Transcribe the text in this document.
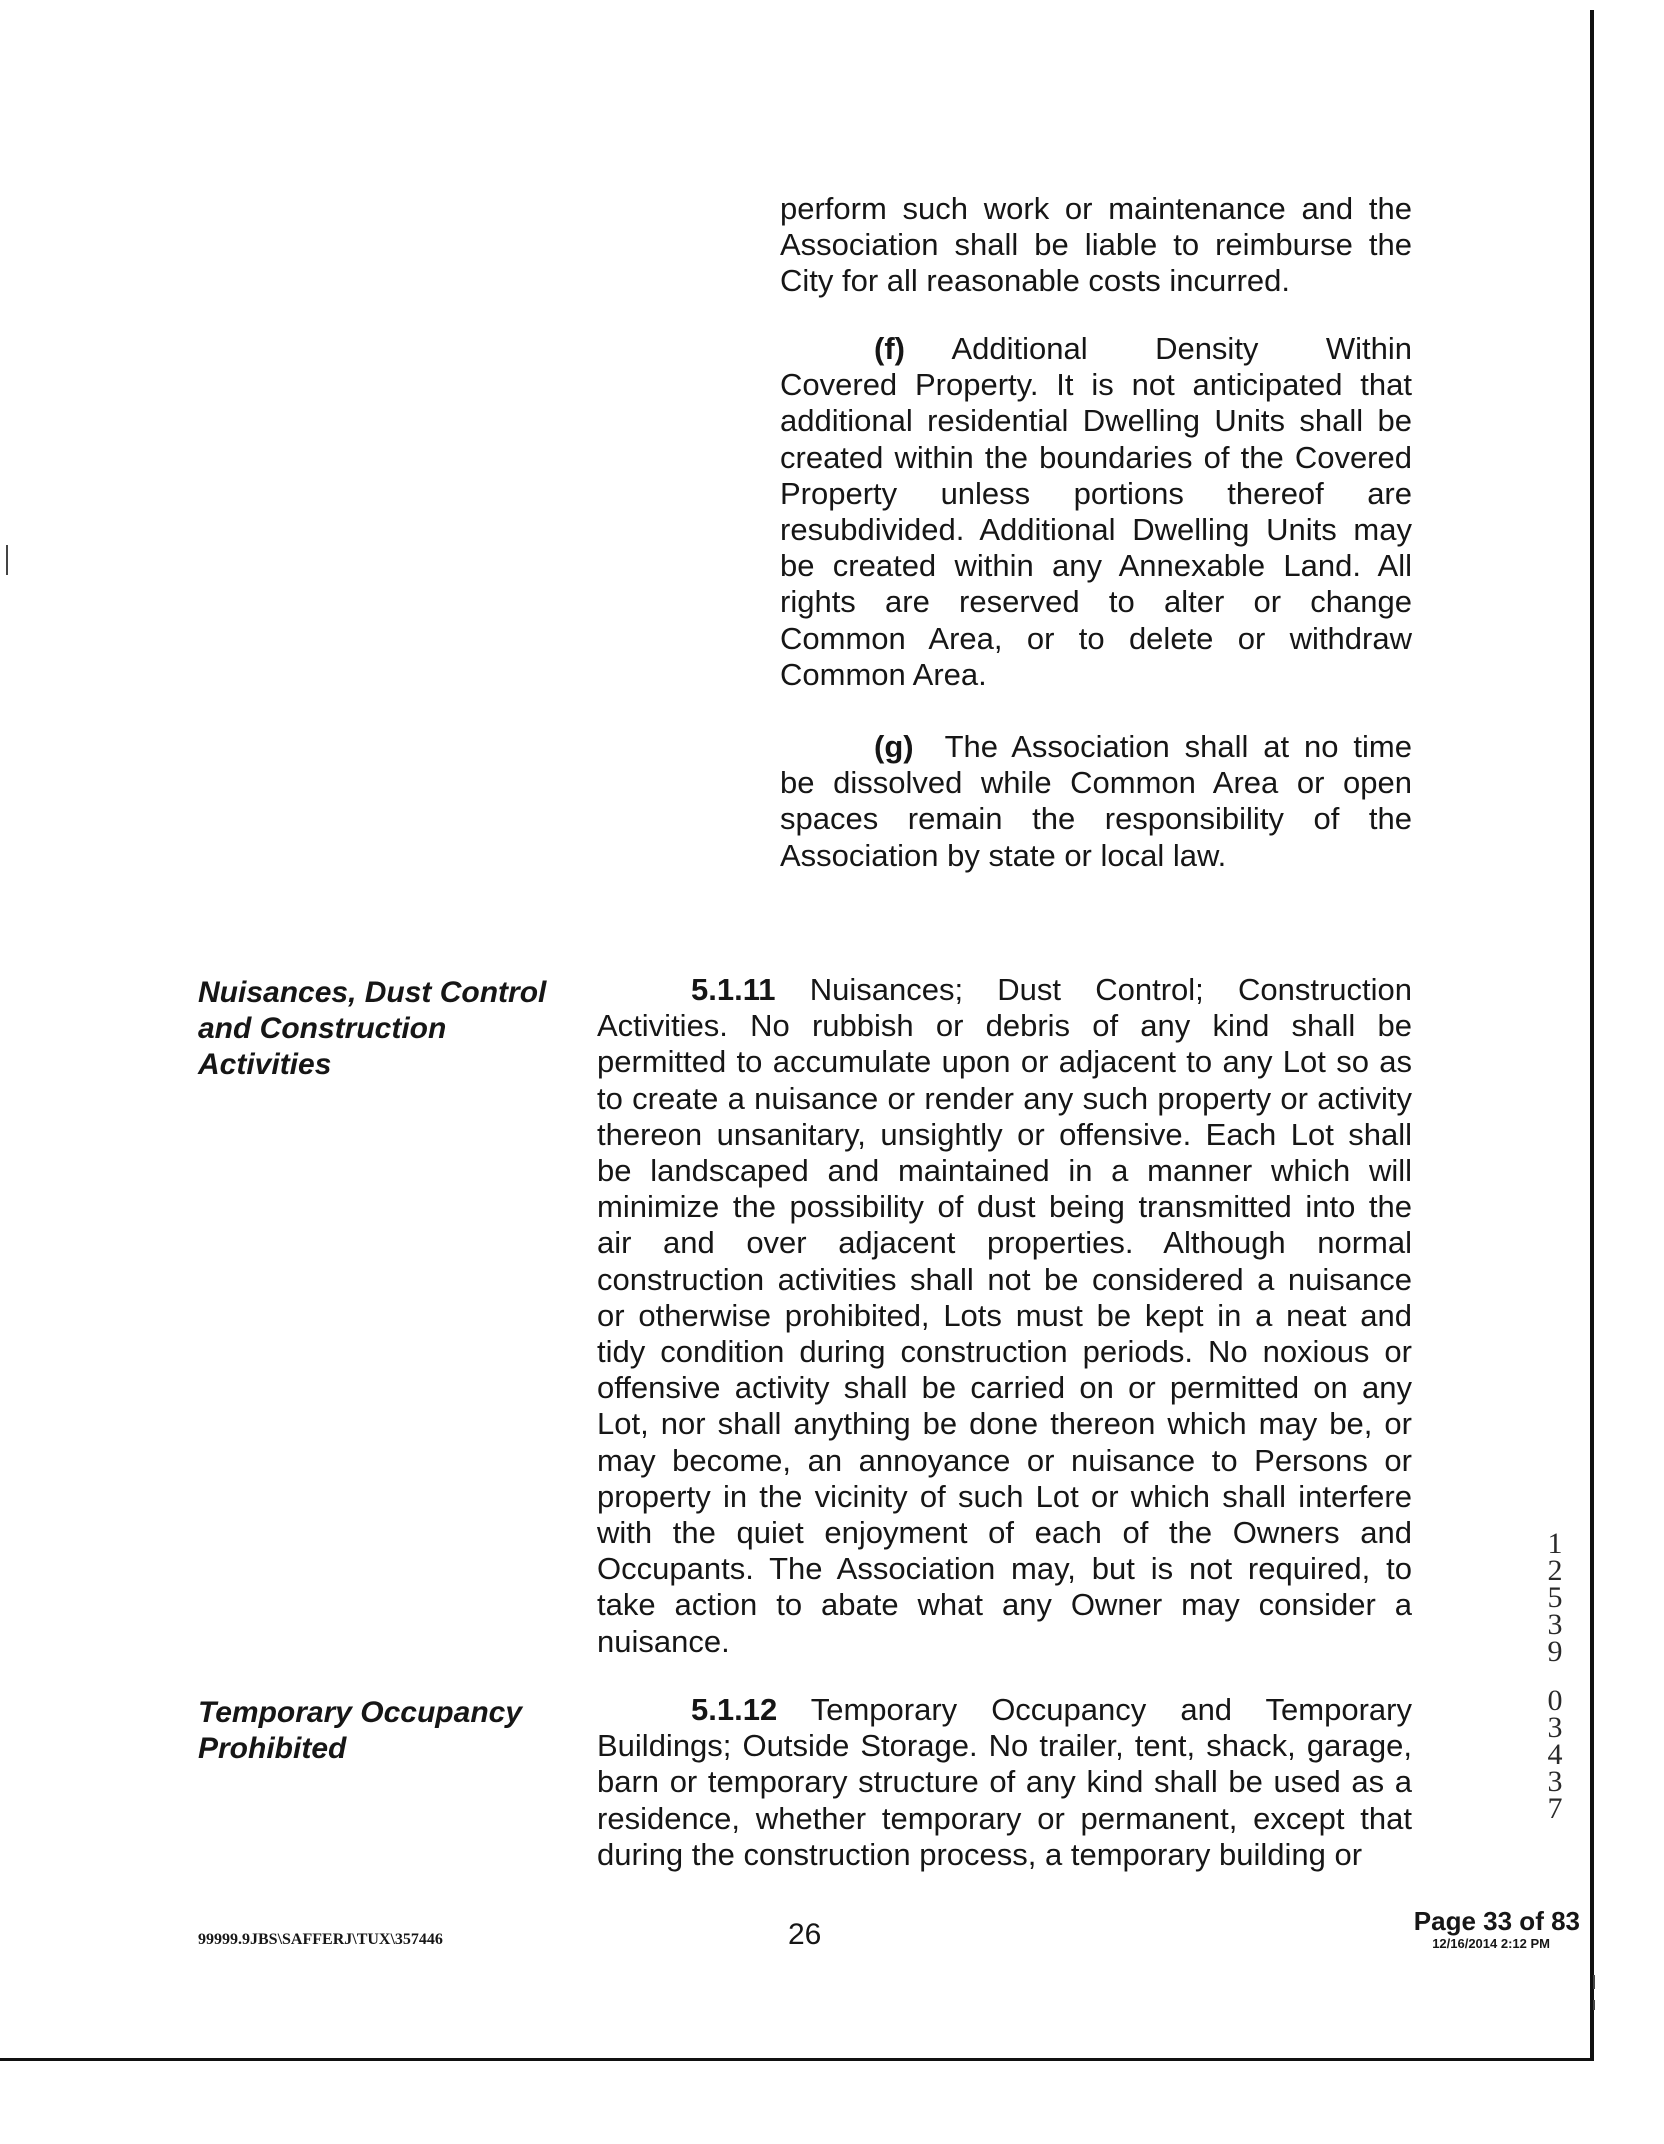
perform such work or maintenance and the Association shall be liable to reimburse the City for all reasonable costs incurred.

(f)   Additional Density Within Covered Property. It is not anticipated that additional residential Dwelling Units shall be created within the boundaries of the Covered Property unless portions thereof are resubdivided. Additional Dwelling Units may be created within any Annexable Land. All rights are reserved to alter or change Common Area, or to delete or withdraw Common Area.

(g)  The Association shall at no time be dissolved while Common Area or open spaces remain the responsibility of the Association by state or local law.

Nuisances, Dust Control and Construction Activities

5.1.11 Nuisances; Dust Control; Construction Activities. No rubbish or debris of any kind shall be permitted to accumulate upon or adjacent to any Lot so as to create a nuisance or render any such property or activity thereon unsanitary, unsightly or offensive. Each Lot shall be landscaped and maintained in a manner which will minimize the possibility of dust being transmitted into the air and over adjacent properties. Although normal construction activities shall not be considered a nuisance or otherwise prohibited, Lots must be kept in a neat and tidy condition during construction periods. No noxious or offensive activity shall be carried on or permitted on any Lot, nor shall anything be done thereon which may be, or may become, an annoyance or nuisance to Persons or property in the vicinity of such Lot or which shall interfere with the quiet enjoyment of each of the Owners and Occupants. The Association may, but is not required, to take action to abate what any Owner may consider a nuisance.

Temporary Occupancy Prohibited

5.1.12 Temporary Occupancy and Temporary Buildings; Outside Storage. No trailer, tent, shack, garage, barn or temporary structure of any kind shall be used as a residence, whether temporary or permanent, except that during the construction process, a temporary building or

1
2
5
3
9
0
3
4
3
7
99999.9JBS\SAFFERJ\TUX\357446	26	Page 33 of 83
12/16/2014 2:12 PM
